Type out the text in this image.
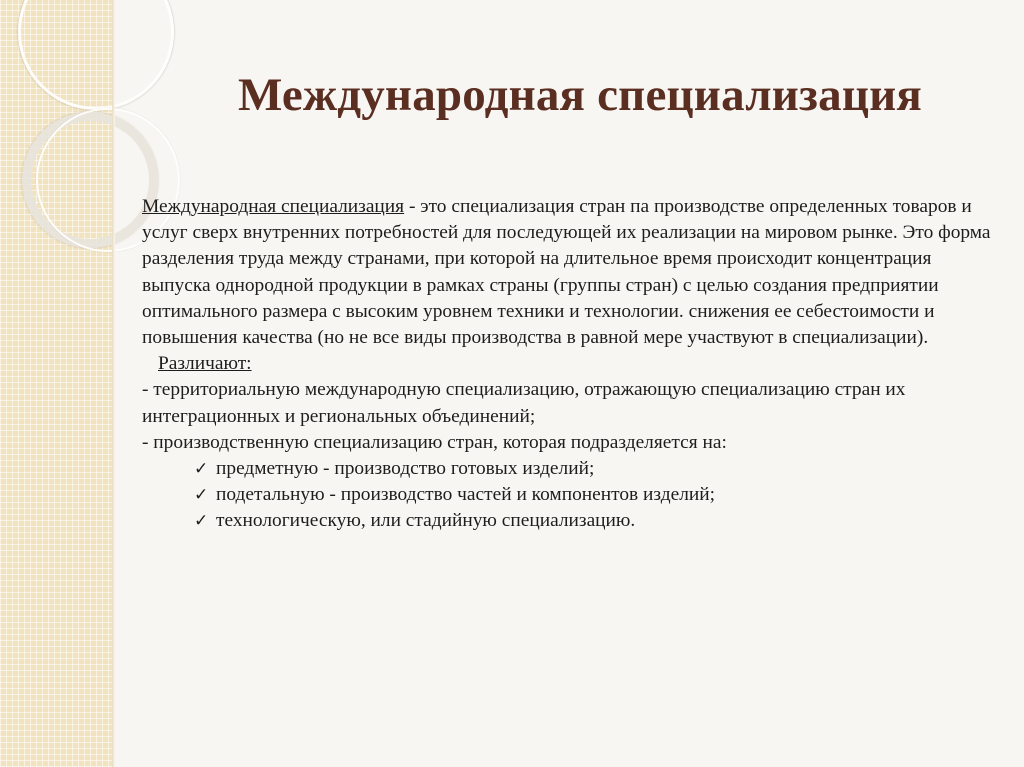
Международная специализация

Международная специализация - это специализация стран па производстве определенных товаров и услуг сверх внутренних потребностей для последующей их реализации на мировом рынке. Это форма разделения труда между странами, при которой на длительное время происходит концентрация выпуска однородной продукции в рамках страны (группы стран) с целью создания предприятии оптимального размера с высоким уровнем техники и технологии. снижения ее себестоимости и повышения качества (но не все виды производства в равной мере участвуют в специализации).

Различают:

- территориальную международную специализацию, отражающую специализацию стран их интеграционных и региональных объединений;

- производственную специализацию стран, которая подразделяется на:

✓ предметную - производство готовых изделий;
✓ подетальную - производство частей и компонентов изделий;
✓ технологическую, или стадийную специализацию.
